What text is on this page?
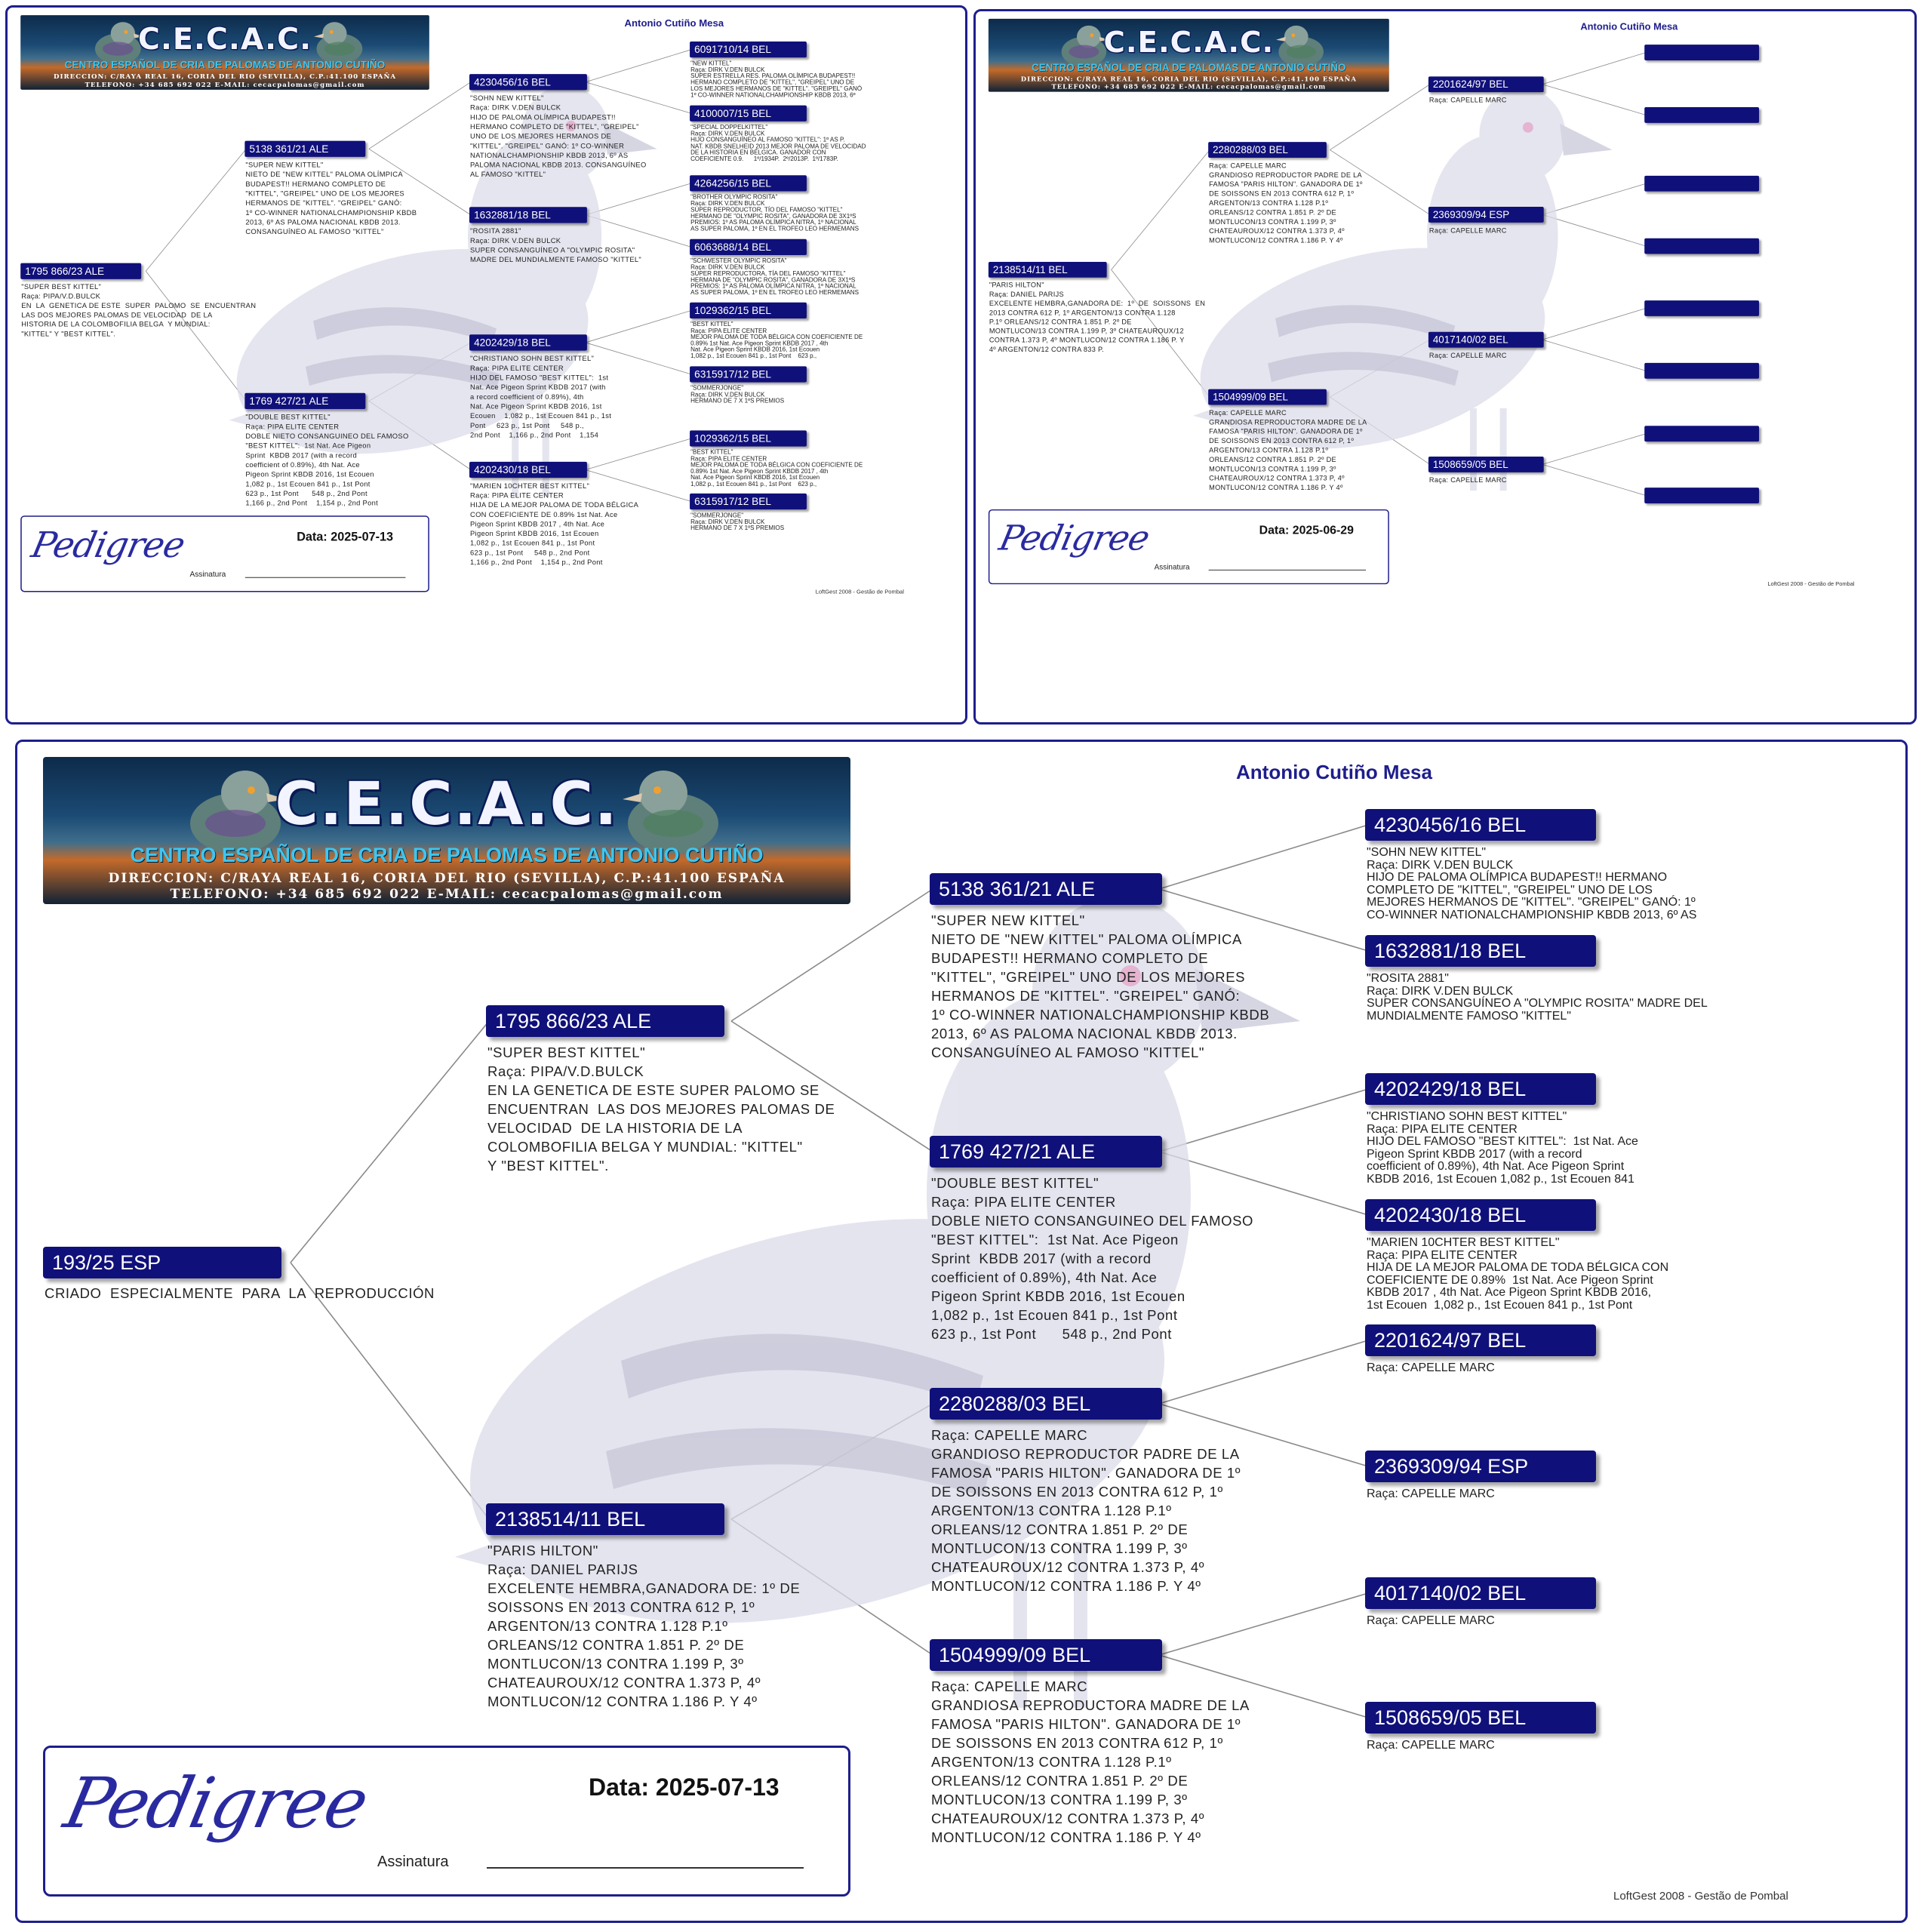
C.E.C.A.C.
CENTRO ESPAÑOL DE CRIA DE PALOMAS DE ANTONIO CUTIÑO
DIRECCION: C/RAYA REAL 16, CORIA DEL RIO (SEVILLA), C.P.:41.100 ESPAÑA
TELEFONO: +34 685 692 022 E-MAIL: cecacpalomas@gmail.com
Antonio Cutiño Mesa
1795 866/23 ALE
"SUPER BEST KITTEL"
Raça: PIPA/V.D.BULCK
EN  LA  GENETICA DE ESTE  SUPER  PALOMO  SE  ENCUENTRAN
LAS DOS MEJORES PALOMAS DE VELOCIDAD  DE LA
HISTORIA DE LA COLOMBOFILIA BELGA  Y MUNDIAL:
"KITTEL" Y "BEST KITTEL".
5138 361/21 ALE
"SUPER NEW KITTEL"
NIETO DE "NEW KITTEL" PALOMA OLÍMPICA
BUDAPEST!! HERMANO COMPLETO DE
"KITTEL", "GREIPEL" UNO DE LOS MEJORES
HERMANOS DE "KITTEL". "GREIPEL" GANÓ:
1º CO-WINNER NATIONALCHAMPIONSHIP KBDB
2013, 6º AS PALOMA NACIONAL KBDB 2013.
CONSANGUÍNEO AL FAMOSO "KITTEL"
1769 427/21 ALE
"DOUBLE BEST KITTEL"
Raça: PIPA ELITE CENTER
DOBLE NIETO CONSANGUINEO DEL FAMOSO
"BEST KITTEL":  1st Nat. Ace Pigeon
Sprint  KBDB 2017 (with a record
coefficient of 0.89%), 4th Nat. Ace
Pigeon Sprint KBDB 2016, 1st Ecouen
1,082 p., 1st Ecouen 841 p., 1st Pont
623 p., 1st Pont      548 p., 2nd Pont
1,166 p., 2nd Pont    1,154 p., 2nd Pont
4230456/16 BEL
"SOHN NEW KITTEL"
Raça: DIRK V.DEN BULCK
HIJO DE PALOMA OLÍMPICA BUDAPEST!!
HERMANO COMPLETO DE "KITTEL", "GREIPEL"
UNO DE LOS MEJORES HERMANOS DE
"KITTEL". "GREIPEL" GANÓ: 1º CO-WINNER
NATIONALCHAMPIONSHIP KBDB 2013, 6º AS
PALOMA NACIONAL KBDB 2013. CONSANGUÍNEO
AL FAMOSO "KITTEL"
1632881/18 BEL
"ROSITA 2881"
Raça: DIRK V.DEN BULCK
SUPER CONSANGUÍNEO A "OLYMPIC ROSITA"
MADRE DEL MUNDIALMENTE FAMOSO "KITTEL"
4202429/18 BEL
"CHRISTIANO SOHN BEST KITTEL"
Raça: PIPA ELITE CENTER
HIJO DEL FAMOSO "BEST KITTEL":  1st
Nat. Ace Pigeon Sprint KBDB 2017 (with
a record coefficient of 0.89%), 4th
Nat. Ace Pigeon Sprint KBDB 2016, 1st
Ecouen    1,082 p., 1st Ecouen 841 p., 1st
Pont     623 p., 1st Pont     548 p.,
2nd Pont    1,166 p., 2nd Pont    1,154
4202430/18 BEL
"MARIEN 10CHTER BEST KITTEL"
Raça: PIPA ELITE CENTER
HIJA DE LA MEJOR PALOMA DE TODA BÉLGICA
CON COEFICIENTE DE 0.89% 1st Nat. Ace
Pigeon Sprint KBDB 2017 , 4th Nat. Ace
Pigeon Sprint KBDB 2016, 1st Ecouen
1,082 p., 1st Ecouen 841 p., 1st Pont
623 p., 1st Pont     548 p., 2nd Pont
1,166 p., 2nd Pont    1,154 p., 2nd Pont
6091710/14 BEL
"NEW KITTEL"
Raça: DIRK V.DEN BULCK
SÚPER ESTRELLA RES. PALOMA OLÍMPICA BUDAPEST!!
HERMANO COMPLETO DE "KITTEL", "GREIPEL" UNO DE
LOS MEJORES HERMANOS DE "KITTEL". "GREIPEL" GANÓ
1º CO-WINNER NATIONALCHAMPIONSHIP KBDB 2013, 6º
4100007/15 BEL
"SPECIAL DOPPELKITTEL"
Raça: DIRK V.DEN BULCK
HIJO CONSANGUÍNEO AL FAMOSO "KITTEL": 1º AS P.
NAT. KBDB SNELHEID 2013 MEJOR PALOMA DE VELOCIDAD
DE LA HISTORIA EN BÉLGICA. GANADOR CON
COEFICIENTE 0.9.      1º/1934P.  2º/2013P.  1º/1783P.
4264256/15 BEL
"BROTHER OLYMPIC ROSITA"
Raça: DIRK V.DEN BULCK
SÚPER REPRODUCTOR, TÍO DEL FAMOSO "KITTEL"
HERMANO DE "OLYMPIC ROSITA", GANADORA DE 3X1ºS
PREMIOS: 1º AS PALOMA OLÍMPICA NITRA, 1º NACIONAL
AS SUPER PALOMA, 1º EN EL TROFEO LEO HERMEMANS
6063688/14 BEL
"SCHWESTER OLYMPIC ROSITA"
Raça: DIRK V.DEN BULCK
SÚPER REPRODUCTORA, TÍA DEL FAMOSO "KITTEL"
HERMANA DE "OLYMPIC ROSITA", GANADORA DE 3X1ºS
PREMIOS: 1º AS PALOMA OLÍMPICA NITRA, 1º NACIONAL
AS SUPER PALOMA, 1º EN EL TROFEO LEO HERMEMANS
1029362/15 BEL
"BEST KITTEL"
Raça: PIPA ELITE CENTER
MEJOR PALOMA DE TODA BÉLGICA CON COEFICIENTE DE
0.89% 1st Nat. Ace Pigeon Sprint KBDB 2017 , 4th
Nat. Ace Pigeon Sprint KBDB 2016, 1st Ecouen
1,082 p., 1st Ecouen 841 p., 1st Pont    623 p.,
6315917/12 BEL
"SOMMERJONGE"
Raça: DIRK V.DEN BULCK
HERMANO DE 7 X 1ºS PREMIOS
1029362/15 BEL
"BEST KITTEL"
Raça: PIPA ELITE CENTER
MEJOR PALOMA DE TODA BÉLGICA CON COEFICIENTE DE
0.89% 1st Nat. Ace Pigeon Sprint KBDB 2017 , 4th
Nat. Ace Pigeon Sprint KBDB 2016, 1st Ecouen
1,082 p., 1st Ecouen 841 p., 1st Pont    623 p.,
6315917/12 BEL
"SOMMERJONGE"
Raça: DIRK V.DEN BULCK
HERMANO DE 7 X 1ºS PREMIOS
Pedigree	Data: 2025-07-13
Assinatura
LoftGest 2008 - Gestão de Pombal
C.E.C.A.C.
CENTRO ESPAÑOL DE CRIA DE PALOMAS DE ANTONIO CUTIÑO
DIRECCION: C/RAYA REAL 16, CORIA DEL RIO (SEVILLA), C.P.:41.100 ESPAÑA
TELEFONO: +34 685 692 022 E-MAIL: cecacpalomas@gmail.com
Antonio Cutiño Mesa
2138514/11 BEL
"PARIS HILTON"
Raça: DANIEL PARIJS
EXCELENTE HEMBRA,GANADORA DE:  1º  DE  SOISSONS  EN
2013 CONTRA 612 P, 1º ARGENTON/13 CONTRA 1.128
P.1º ORLEANS/12 CONTRA 1.851 P. 2º DE
MONTLUCON/13 CONTRA 1.199 P, 3º CHATEAUROUX/12
CONTRA 1.373 P, 4º MONTLUCON/12 CONTRA 1.186 P. Y
4º ARGENTON/12 CONTRA 833 P.
2280288/03 BEL
Raça: CAPELLE MARC
GRANDIOSO REPRODUCTOR PADRE DE LA
FAMOSA "PARIS HILTON". GANADORA DE 1º
DE SOISSONS EN 2013 CONTRA 612 P, 1º
ARGENTON/13 CONTRA 1.128 P.1º
ORLEANS/12 CONTRA 1.851 P. 2º DE
MONTLUCON/13 CONTRA 1.199 P, 3º
CHATEAUROUX/12 CONTRA 1.373 P, 4º
MONTLUCON/12 CONTRA 1.186 P. Y 4º
1504999/09 BEL
Raça: CAPELLE MARC
GRANDIOSA REPRODUCTORA MADRE DE LA
FAMOSA "PARIS HILTON". GANADORA DE 1º
DE SOISSONS EN 2013 CONTRA 612 P, 1º
ARGENTON/13 CONTRA 1.128 P.1º
ORLEANS/12 CONTRA 1.851 P. 2º DE
MONTLUCON/13 CONTRA 1.199 P, 3º
CHATEAUROUX/12 CONTRA 1.373 P, 4º
MONTLUCON/12 CONTRA 1.186 P. Y 4º
2201624/97 BEL
Raça: CAPELLE MARC
2369309/94 ESP
Raça: CAPELLE MARC
4017140/02 BEL
Raça: CAPELLE MARC
1508659/05 BEL
Raça: CAPELLE MARC
Pedigree	Data: 2025-06-29
Assinatura
LoftGest 2008 - Gestão de Pombal
C.E.C.A.C.
CENTRO ESPAÑOL DE CRIA DE PALOMAS DE ANTONIO CUTIÑO
DIRECCION: C/RAYA REAL 16, CORIA DEL RIO (SEVILLA), C.P.:41.100 ESPAÑA
TELEFONO: +34 685 692 022 E-MAIL: cecacpalomas@gmail.com
Antonio Cutiño Mesa
193/25 ESP
CRIADO  ESPECIALMENTE  PARA  LA  REPRODUCCIÓN
1795 866/23 ALE
"SUPER BEST KITTEL"
Raça: PIPA/V.D.BULCK
EN LA GENETICA DE ESTE SUPER PALOMO SE
ENCUENTRAN  LAS DOS MEJORES PALOMAS DE
VELOCIDAD  DE LA HISTORIA DE LA
COLOMBOFILIA BELGA Y MUNDIAL: "KITTEL"
Y "BEST KITTEL".
2138514/11 BEL
"PARIS HILTON"
Raça: DANIEL PARIJS
EXCELENTE HEMBRA,GANADORA DE: 1º DE
SOISSONS EN 2013 CONTRA 612 P, 1º
ARGENTON/13 CONTRA 1.128 P.1º
ORLEANS/12 CONTRA 1.851 P. 2º DE
MONTLUCON/13 CONTRA 1.199 P, 3º
CHATEAUROUX/12 CONTRA 1.373 P, 4º
MONTLUCON/12 CONTRA 1.186 P. Y 4º
5138 361/21 ALE
"SUPER NEW KITTEL"
NIETO DE "NEW KITTEL" PALOMA OLÍMPICA
BUDAPEST!! HERMANO COMPLETO DE
"KITTEL", "GREIPEL" UNO DE LOS MEJORES
HERMANOS DE "KITTEL". "GREIPEL" GANÓ:
1º CO-WINNER NATIONALCHAMPIONSHIP KBDB
2013, 6º AS PALOMA NACIONAL KBDB 2013.
CONSANGUÍNEO AL FAMOSO "KITTEL"
1769 427/21 ALE
"DOUBLE BEST KITTEL"
Raça: PIPA ELITE CENTER
DOBLE NIETO CONSANGUINEO DEL FAMOSO
"BEST KITTEL":  1st Nat. Ace Pigeon
Sprint  KBDB 2017 (with a record
coefficient of 0.89%), 4th Nat. Ace
Pigeon Sprint KBDB 2016, 1st Ecouen
1,082 p., 1st Ecouen 841 p., 1st Pont
623 p., 1st Pont      548 p., 2nd Pont
2280288/03 BEL
Raça: CAPELLE MARC
GRANDIOSO REPRODUCTOR PADRE DE LA
FAMOSA "PARIS HILTON". GANADORA DE 1º
DE SOISSONS EN 2013 CONTRA 612 P, 1º
ARGENTON/13 CONTRA 1.128 P.1º
ORLEANS/12 CONTRA 1.851 P. 2º DE
MONTLUCON/13 CONTRA 1.199 P, 3º
CHATEAUROUX/12 CONTRA 1.373 P, 4º
MONTLUCON/12 CONTRA 1.186 P. Y 4º
1504999/09 BEL
Raça: CAPELLE MARC
GRANDIOSA REPRODUCTORA MADRE DE LA
FAMOSA "PARIS HILTON". GANADORA DE 1º
DE SOISSONS EN 2013 CONTRA 612 P, 1º
ARGENTON/13 CONTRA 1.128 P.1º
ORLEANS/12 CONTRA 1.851 P. 2º DE
MONTLUCON/13 CONTRA 1.199 P, 3º
CHATEAUROUX/12 CONTRA 1.373 P, 4º
MONTLUCON/12 CONTRA 1.186 P. Y 4º
4230456/16 BEL
"SOHN NEW KITTEL"
Raça: DIRK V.DEN BULCK
HIJO DE PALOMA OLÍMPICA BUDAPEST!! HERMANO
COMPLETO DE "KITTEL", "GREIPEL" UNO DE LOS
MEJORES HERMANOS DE "KITTEL". "GREIPEL" GANÓ: 1º
CO-WINNER NATIONALCHAMPIONSHIP KBDB 2013, 6º AS
1632881/18 BEL
"ROSITA 2881"
Raça: DIRK V.DEN BULCK
SUPER CONSANGUÍNEO A "OLYMPIC ROSITA" MADRE DEL
MUNDIALMENTE FAMOSO "KITTEL"
4202429/18 BEL
"CHRISTIANO SOHN BEST KITTEL"
Raça: PIPA ELITE CENTER
HIJO DEL FAMOSO "BEST KITTEL":  1st Nat. Ace
Pigeon Sprint KBDB 2017 (with a record
coefficient of 0.89%), 4th Nat. Ace Pigeon Sprint
KBDB 2016, 1st Ecouen 1,082 p., 1st Ecouen 841
4202430/18 BEL
"MARIEN 10CHTER BEST KITTEL"
Raça: PIPA ELITE CENTER
HIJA DE LA MEJOR PALOMA DE TODA BÉLGICA CON
COEFICIENTE DE 0.89%  1st Nat. Ace Pigeon Sprint
KBDB 2017 , 4th Nat. Ace Pigeon Sprint KBDB 2016,
1st Ecouen  1,082 p., 1st Ecouen 841 p., 1st Pont
2201624/97 BEL
Raça: CAPELLE MARC
2369309/94 ESP
Raça: CAPELLE MARC
4017140/02 BEL
Raça: CAPELLE MARC
1508659/05 BEL
Raça: CAPELLE MARC
Pedigree	Data: 2025-07-13
Assinatura
LoftGest 2008 - Gestão de Pombal
